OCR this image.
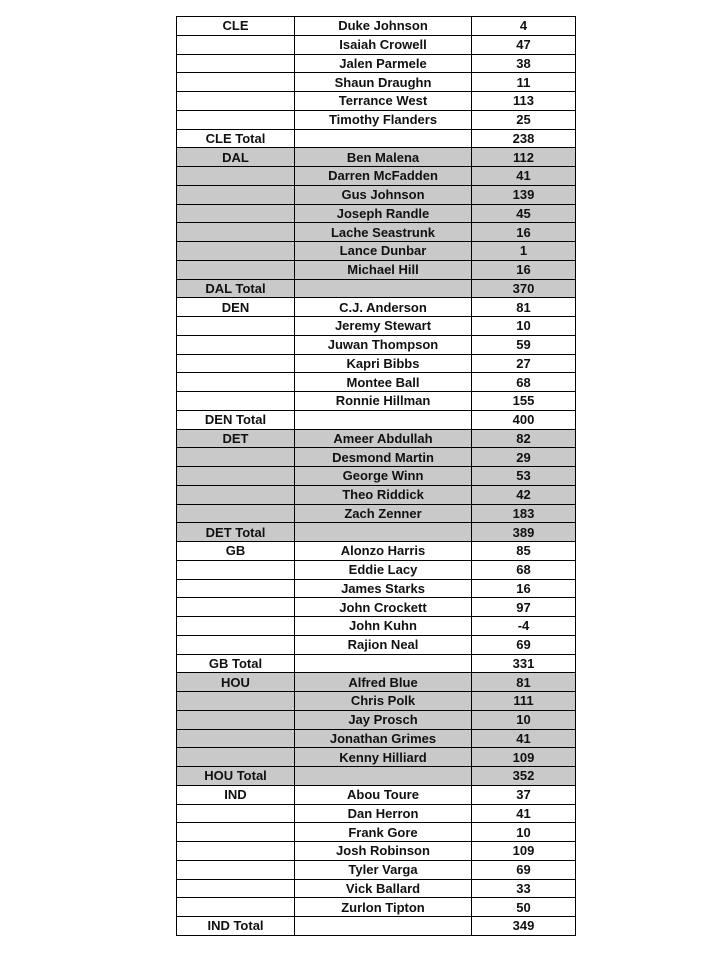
CLE	Duke Johnson	4
	Isaiah Crowell	47
	Jalen Parmele	38
	Shaun Draughn	11
	Terrance West	113
	Timothy Flanders	25
CLE Total		238
DAL	Ben Malena	112
	Darren McFadden	41
	Gus Johnson	139
	Joseph Randle	45
	Lache Seastrunk	16
	Lance Dunbar	1
	Michael Hill	16
DAL Total		370
DEN	C.J. Anderson	81
	Jeremy Stewart	10
	Juwan Thompson	59
	Kapri Bibbs	27
	Montee Ball	68
	Ronnie Hillman	155
DEN Total		400
DET	Ameer Abdullah	82
	Desmond Martin	29
	George Winn	53
	Theo Riddick	42
	Zach Zenner	183
DET Total		389
GB	Alonzo Harris	85
	Eddie Lacy	68
	James Starks	16
	John Crockett	97
	John Kuhn	-4
	Rajion Neal	69
GB Total		331
HOU	Alfred Blue	81
	Chris Polk	111
	Jay Prosch	10
	Jonathan Grimes	41
	Kenny Hilliard	109
HOU Total		352
IND	Abou Toure	37
	Dan Herron	41
	Frank Gore	10
	Josh Robinson	109
	Tyler Varga	69
	Vick Ballard	33
	Zurlon Tipton	50
IND Total		349
